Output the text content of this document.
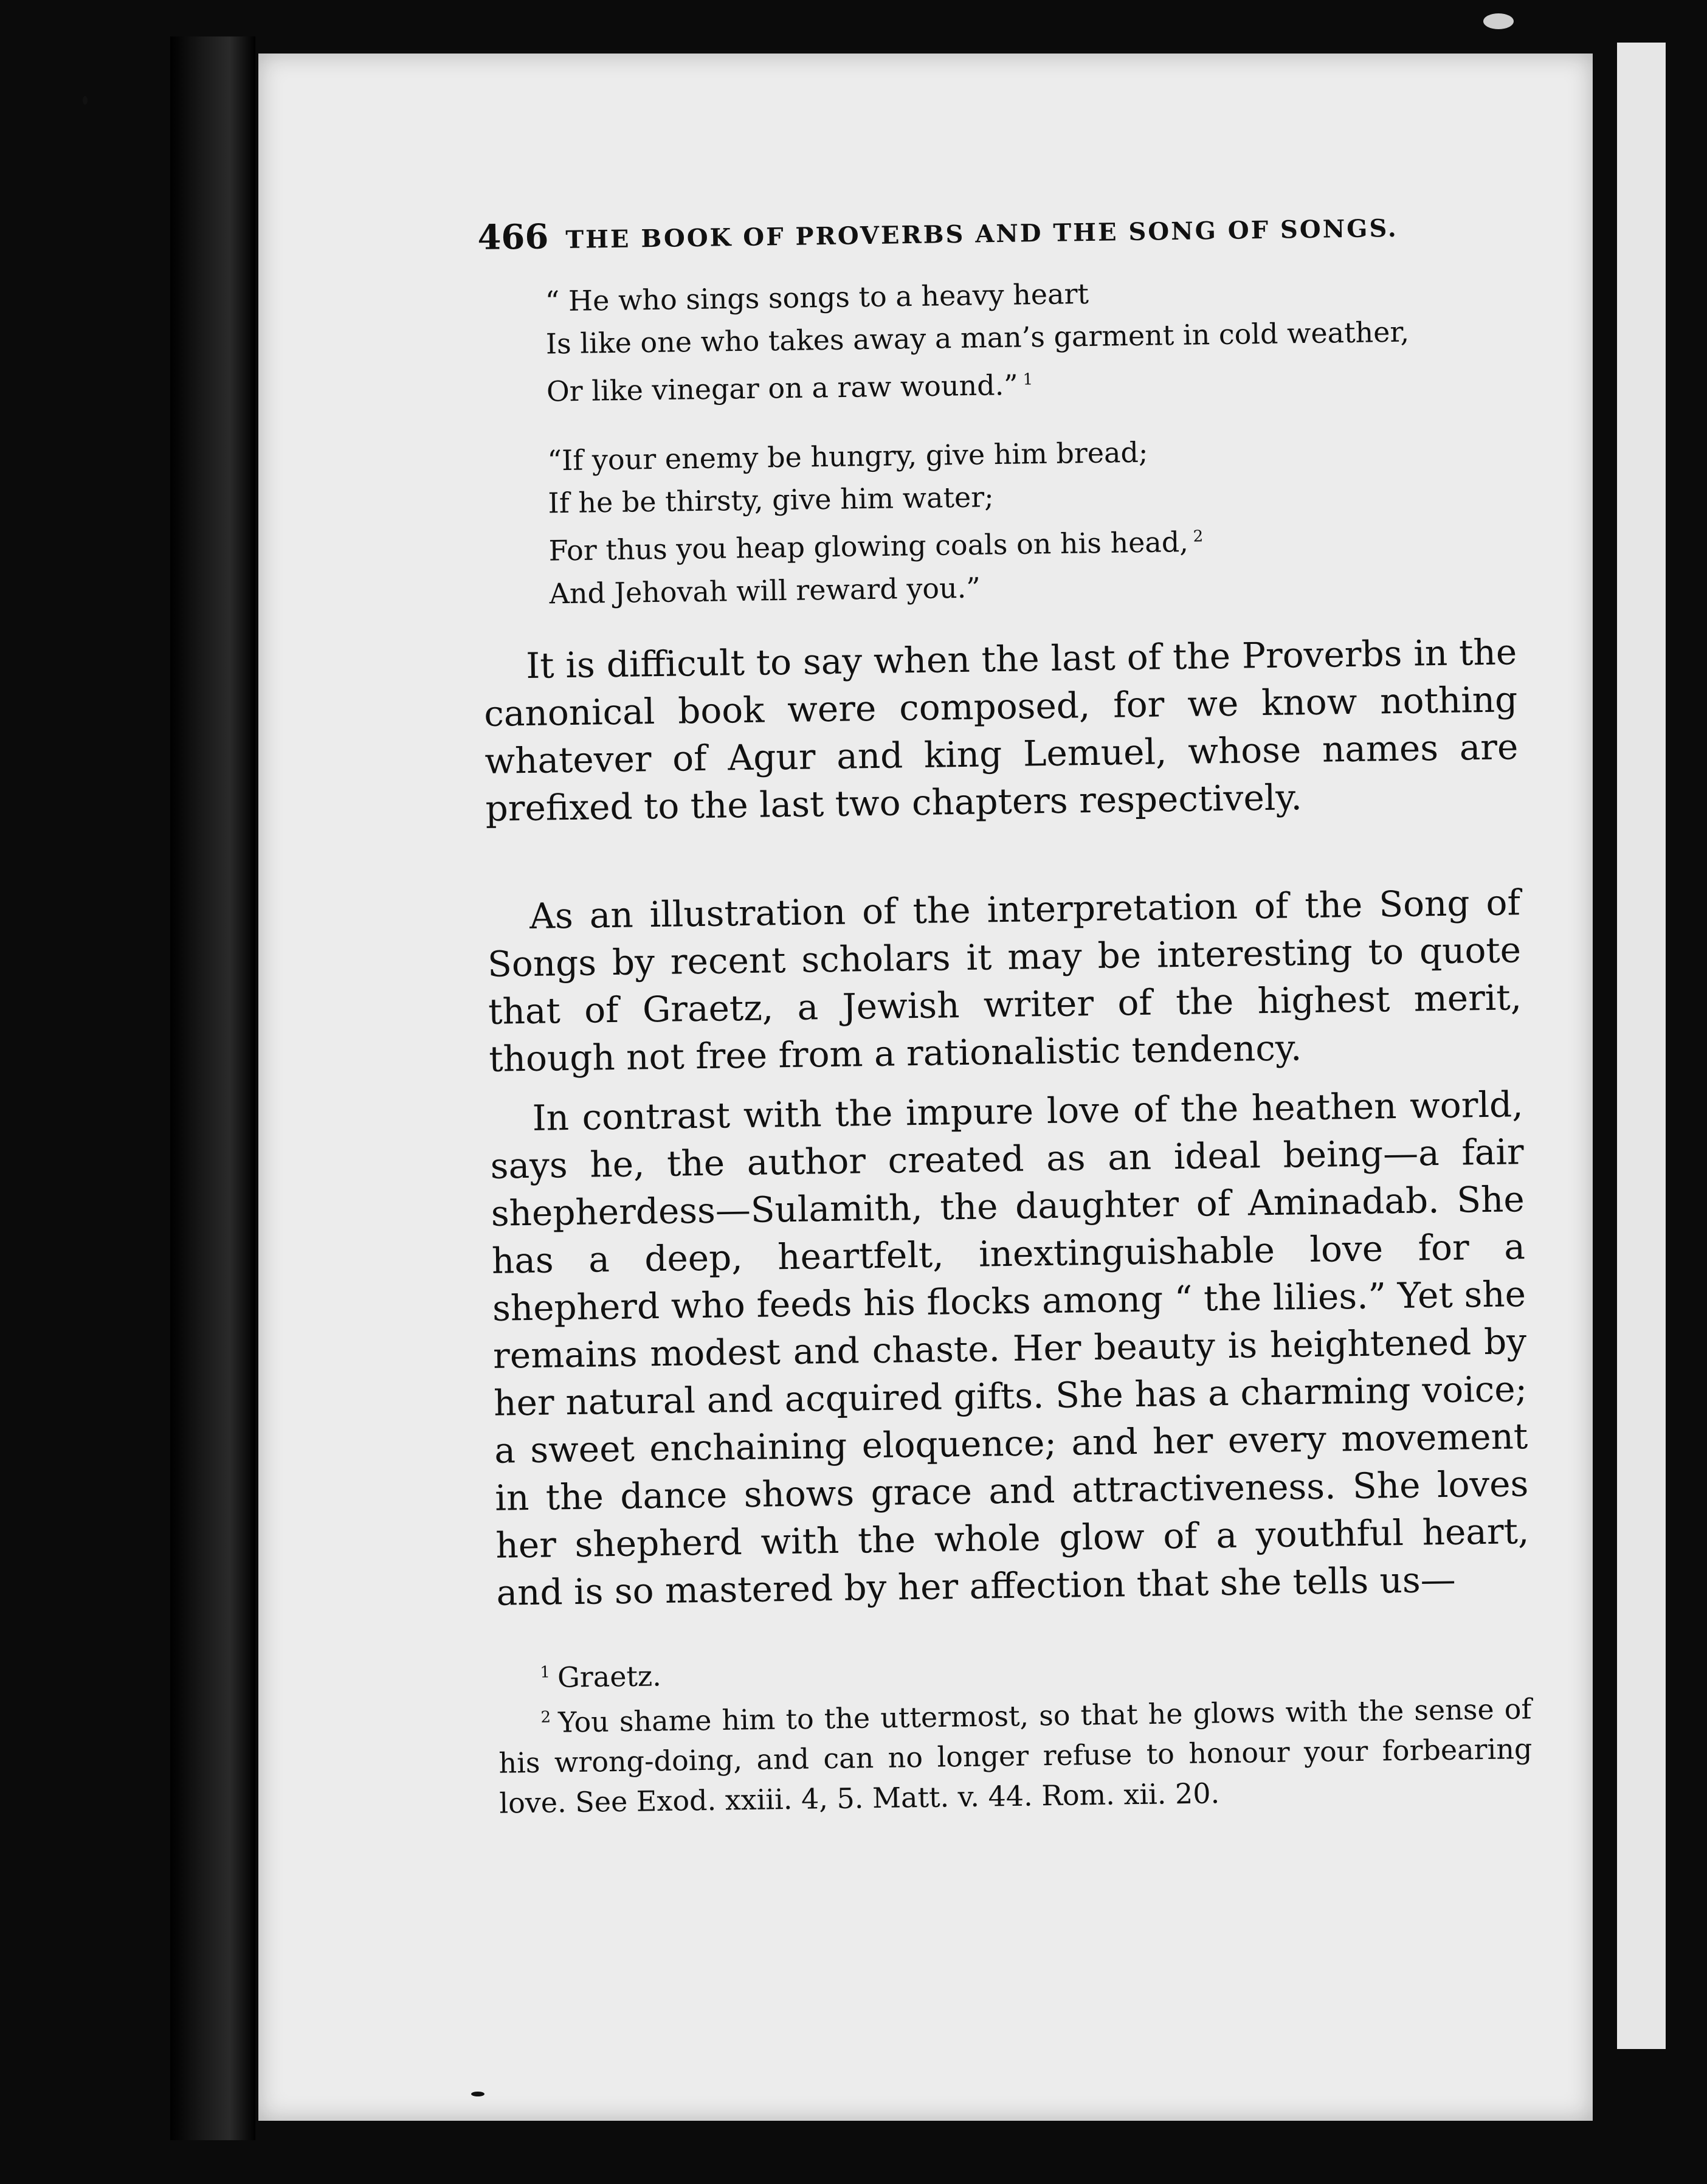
466 THE BOOK OF PROVERBS AND THE SONG OF SONGS.
“ He who sings songs to a heavy heart
Is like one who takes away a man’s garment in cold weather,
Or like vinegar on a raw wound.” $^1$
“If your enemy be hungry, give him bread;
If he be thirsty, give him water;
For thus you heap glowing coals on his head, $^2$
And Jehovah will reward you.”

It is difficult to say when the last of the Proverbs in the canonical book were composed, for we know nothing whatever of Agur and king Lemuel, whose names are prefixed to the last two chapters respectively.

As an illustration of the interpretation of the Song of Songs by recent scholars it may be interesting to quote that of Graetz, a Jewish writer of the highest merit, though not free from a rationalistic tendency.

In contrast with the impure love of the heathen world, says he, the author created as an ideal being—a fair shepherdess—Sulamith, the daughter of Aminadab. She has a deep, heartfelt, inextinguishable love for a shepherd who feeds his flocks among “ the lilies.” Yet she remains modest and chaste. Her beauty is heightened by her natural and acquired gifts. She has a charming voice; a sweet enchaining eloquence; and her every movement in the dance shows grace and attractiveness. She loves her shepherd with the whole glow of a youthful heart, and is so mastered by her affection that she tells us—

$^1$ Graetz.

$^2$ You shame him to the uttermost, so that he glows with the sense of his wrong-doing, and can no longer refuse to honour your forbearing love. See Exod. xxiii. 4, 5. Matt. v. 44. Rom. xii. 20.
